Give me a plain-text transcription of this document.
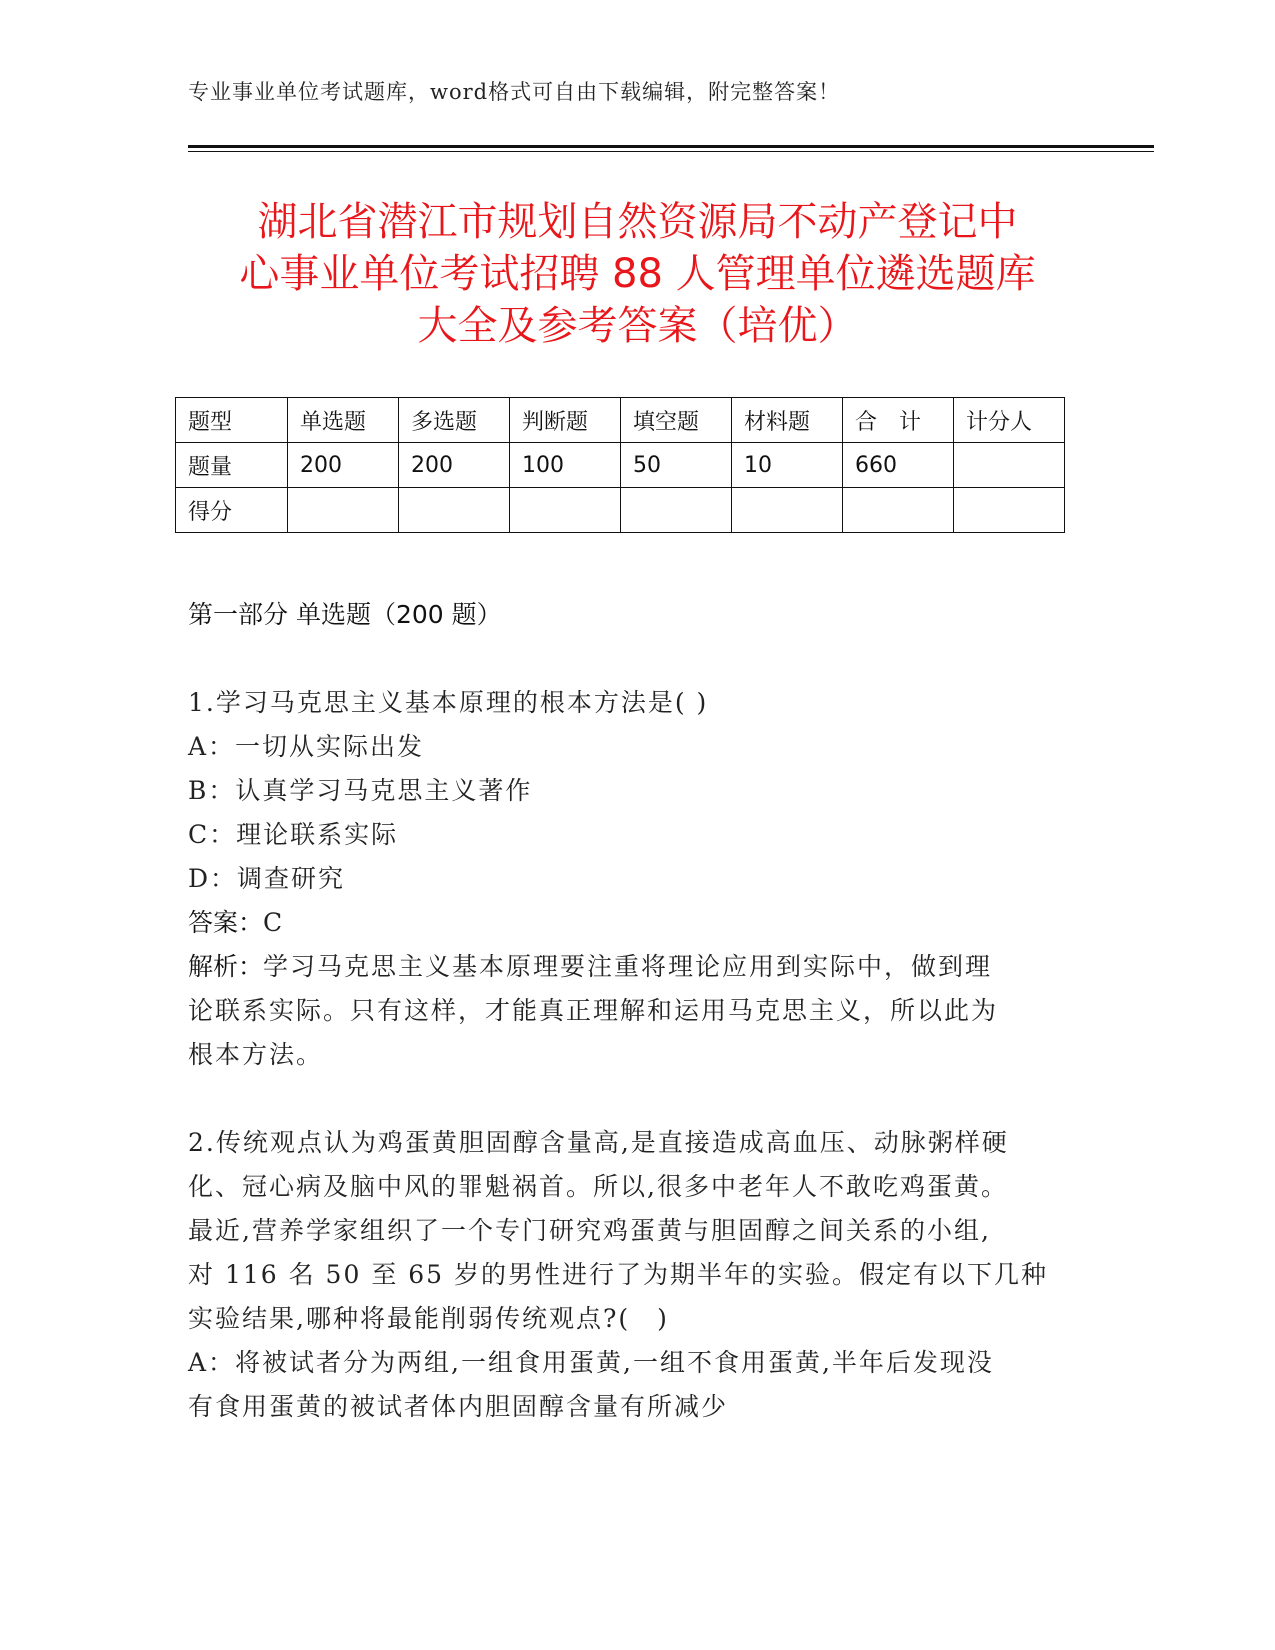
专业事业单位考试题库，word格式可自由下载编辑，附完整答案！
湖北省潜江市规划自然资源局不动产登记中
心事业单位考试招聘 88 人管理单位遴选题库
大全及参考答案（培优）
题型	单选题	多选题	判断题	填空题	材料题	合　计	计分人
题量	200	200	100	50	10	660	
得分							
第一部分 单选题（200 题）
1.学习马克思主义基本原理的根本方法是( )
A：一切从实际出发
B：认真学习马克思主义著作
C：理论联系实际
D：调查研究
答案：C
解析：学习马克思主义基本原理要注重将理论应用到实际中，做到理
论联系实际。只有这样，才能真正理解和运用马克思主义，所以此为
根本方法。
2.传统观点认为鸡蛋黄胆固醇含量高,是直接造成高血压、动脉粥样硬
化、冠心病及脑中风的罪魁祸首。所以,很多中老年人不敢吃鸡蛋黄。
最近,营养学家组织了一个专门研究鸡蛋黄与胆固醇之间关系的小组,
对 116 名 50 至 65 岁的男性进行了为期半年的实验。假定有以下几种
实验结果,哪种将最能削弱传统观点?(　)
A：将被试者分为两组,一组食用蛋黄,一组不食用蛋黄,半年后发现没
有食用蛋黄的被试者体内胆固醇含量有所减少
